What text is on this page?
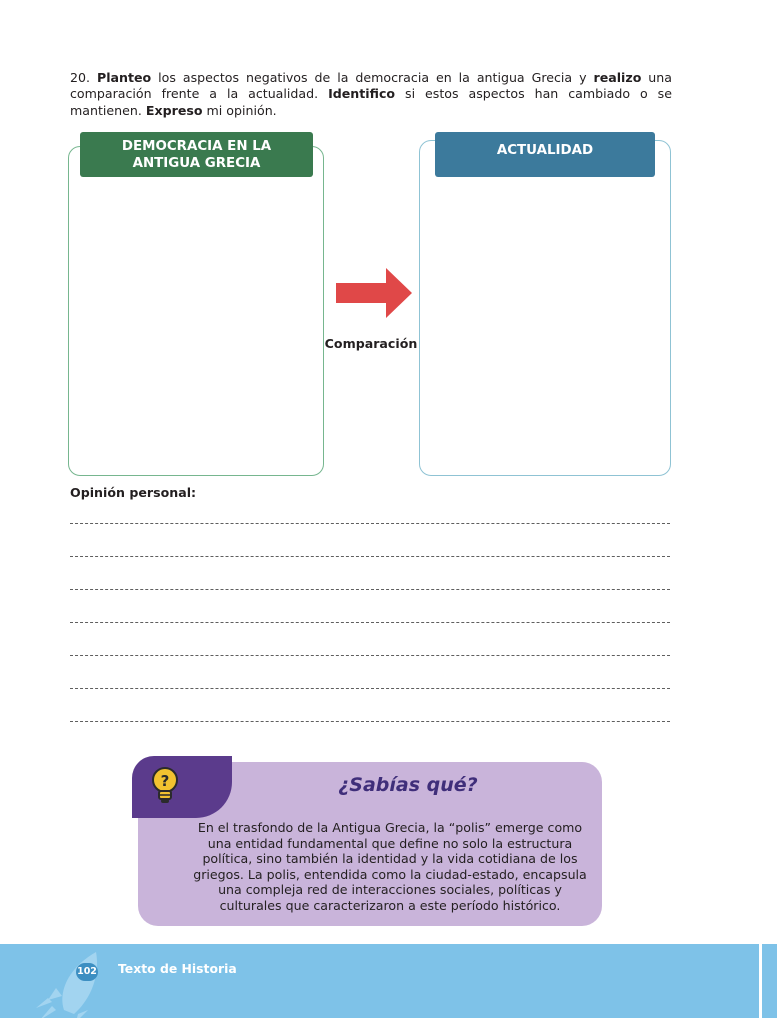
20. Planteo los aspectos negativos de la democracia en la antigua Grecia y realizo una comparación frente a la actualidad. Identifico si estos aspectos han cambiado o se mantienen. Expreso mi opinión.
DEMOCRACIA EN LA ANTIGUA GRECIA
ACTUALIDAD
Comparación
Opinión personal:
?	¿Sabías qué?
En el trasfondo de la Antigua Grecia, la “polis” emerge como una entidad fundamental que define no solo la estructura política, sino también la identidad y la vida cotidiana de los griegos. La polis, entendida como la ciudad-estado, encapsula una compleja red de interacciones sociales, políticas y culturales que caracterizaron a este período histórico.
102 Texto de Historia
